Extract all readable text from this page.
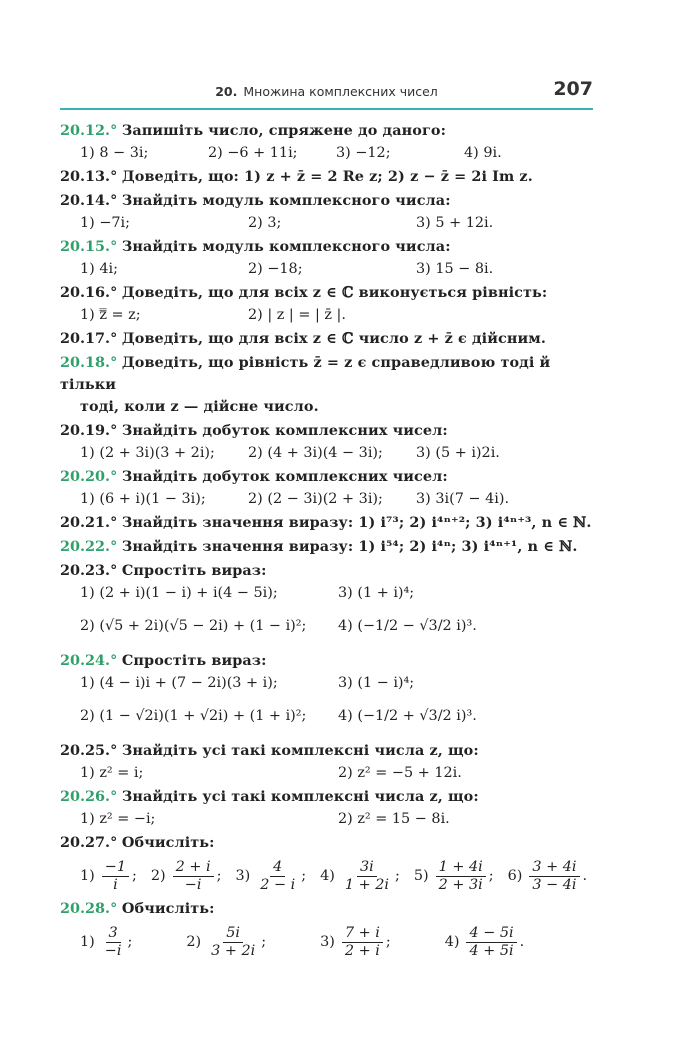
20. Множина комплексних чисел	207
20.12.° Запишіть число, спряжене до даного:
1) 8 − 3i;	2) −6 + 11i;	3) −12;	4) 9i.
20.13.° Доведіть, що: 1) z + z̄ = 2 Re z; 2) z − z̄ = 2i Im z.
20.14.° Знайдіть модуль комплексного числа:
1) −7i;	2) 3;	3) 5 + 12i.
20.15.° Знайдіть модуль комплексного числа:
1) 4i;	2) −18;	3) 15 − 8i.
20.16.° Доведіть, що для всіх z ∈ ℂ виконується рівність:
1) z̿ = z;	2) | z | = | z̄ |.
20.17.° Доведіть, що для всіх z ∈ ℂ число z + z̄ є дійсним.
20.18.° Доведіть, що рівність z̄ = z є справедливою тоді й тільки
тоді, коли z — дійсне число.
20.19.° Знайдіть добуток комплексних чисел:
1) (2 + 3i)(3 + 2i);	2) (4 + 3i)(4 − 3i);	3) (5 + i)2i.
20.20.° Знайдіть добуток комплексних чисел:
1) (6 + i)(1 − 3i);	2) (2 − 3i)(2 + 3i);	3) 3i(7 − 4i).
20.21.° Знайдіть значення виразу: 1) i⁷³; 2) i⁴ⁿ⁺²; 3) i⁴ⁿ⁺³, n ∈ ℕ.
20.22.° Знайдіть значення виразу: 1) i⁵⁴; 2) i⁴ⁿ; 3) i⁴ⁿ⁺¹, n ∈ ℕ.
20.23.° Спростіть вираз:
1) (2 + i)(1 − i) + i(4 − 5i);	3) (1 + i)⁴;
2) (√5 + 2i)(√5 − 2i) + (1 − i)²;	4) (−1/2 − √3/2 i)³.
20.24.° Спростіть вираз:
1) (4 − i)i + (7 − 2i)(3 + i);	3) (1 − i)⁴;
2) (1 − √2i)(1 + √2i) + (1 + i)²;	4) (−1/2 + √3/2 i)³.
20.25.° Знайдіть усі такі комплексні числа z, що:
1) z² = i;	2) z² = −5 + 12i.
20.26.° Знайдіть усі такі комплексні числа z, що:
1) z² = −i;	2) z² = 15 − 8i.
20.27.° Обчисліть:
$1) \frac{-1}{i}$ ; $2) \frac{2 + i}{-i}$ ; $3) \frac{4}{2 - i}$ ; $4) \frac{3i}{1 + 2i}$ ; $5) \frac{1 + 4i}{2 + 3i}$ ; $6) \frac{3 + 4i}{3 - 4i}$ .
20.28.° Обчисліть:
$1) \frac{3}{-i}$ ;	$2) \frac{5i}{3 + 2i}$ ;	$3) \frac{7 + i}{2 + i}$ ;	$4) \frac{4 - 5i}{4 + 5i}$ .
